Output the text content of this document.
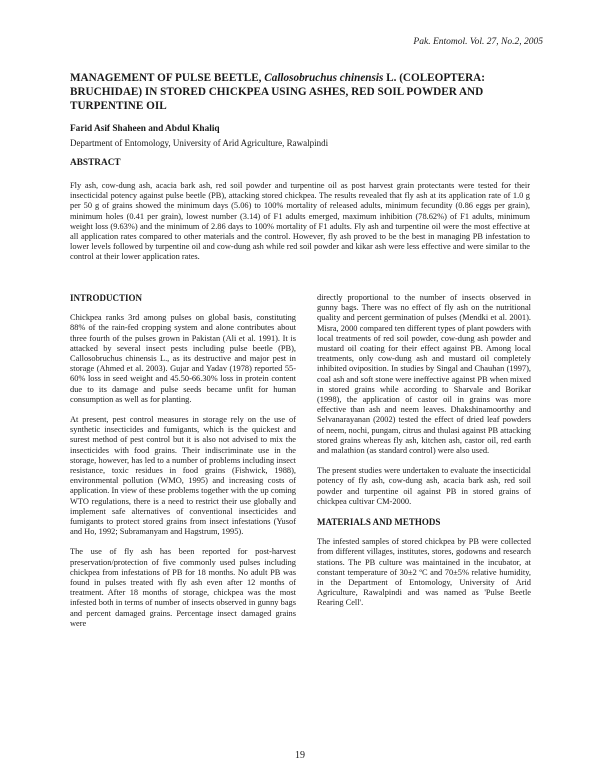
Pak. Entomol. Vol. 27, No.2, 2005
MANAGEMENT OF PULSE BEETLE, Callosobruchus chinensis L. (COLEOPTERA: BRUCHIDAE) IN STORED CHICKPEA USING ASHES, RED SOIL POWDER AND TURPENTINE OIL
Farid Asif Shaheen and Abdul Khaliq
Department of Entomology, University of Arid Agriculture, Rawalpindi
ABSTRACT

Fly ash, cow-dung ash, acacia bark ash, red soil powder and turpentine oil as post harvest grain protectants were tested for their insecticidal potency against pulse beetle (PB), attacking stored chickpea. The results revealed that fly ash at its application rate of 1.0 g per 50 g of grains showed the minimum days (5.06) to 100% mortality of released adults, minimum fecundity (0.86 eggs per grain), minimum holes (0.41 per grain), lowest number (3.14) of F1 adults emerged, maximum inhibition (78.62%) of F1 adults, minimum weight loss (9.63%) and the minimum of 2.86 days to 100% mortality of F1 adults. Fly ash and turpentine oil were the most effective at all application rates compared to other materials and the control. However, fly ash proved to be the best in managing PB infestation to lower levels followed by turpentine oil and cow-dung ash while red soil powder and kikar ash were less effective and were similar to the control at their lower application rates.

INTRODUCTION

Chickpea ranks 3rd among pulses on global basis, constituting 88% of the rain-fed cropping system and alone contributes about three fourth of the pulses grown in Pakistan (Ali et al. 1991). It is attacked by several insect pests including pulse beetle (PB), Callosobruchus chinensis L., as its destructive and major pest in storage (Ahmed et al. 2003). Gujar and Yadav (1978) reported 55-60% loss in seed weight and 45.50-66.30% loss in protein content due to its damage and pulse seeds became unfit for human consumption as well as for planting.

At present, pest control measures in storage rely on the use of synthetic insecticides and fumigants, which is the quickest and surest method of pest control but it is also not advised to mix the insecticides with food grains. Their indiscriminate use in the storage, however, has led to a number of problems including insect resistance, toxic residues in food grains (Fishwick, 1988), environmental pollution (WMO, 1995) and increasing costs of application. In view of these problems together with the up coming WTO regulations, there is a need to restrict their use globally and implement safe alternatives of conventional insecticides and fumigants to protect stored grains from insect infestations (Yusof and Ho, 1992; Subramanyam and Hagstrum, 1995).

The use of fly ash has been reported for post-harvest preservation/protection of five commonly used pulses including chickpea from infestations of PB for 18 months. No adult PB was found in pulses treated with fly ash even after 12 months of treatment. After 18 months of storage, chickpea was the most infested both in terms of number of insects observed in gunny bags and percent damaged grains. Percentage insect damaged grains were

directly proportional to the number of insects observed in gunny bags. There was no effect of fly ash on the nutritional quality and percent germination of pulses (Mendki et al. 2001). Misra, 2000 compared ten different types of plant powders with local treatments of red soil powder, cow-dung ash powder and mustard oil coating for their effect against PB. Among local treatments, only cow-dung ash and mustard oil completely inhibited oviposition. In studies by Singal and Chauhan (1997), coal ash and soft stone were ineffective against PB when mixed in stored grains while according to Sharvale and Borikar (1998), the application of castor oil in grains was more effective than ash and neem leaves. Dhakshinamoorthy and Selvanarayanan (2002) tested the effect of dried leaf powders of neem, nochi, pungam, citrus and thulasi against PB attacking stored grains whereas fly ash, kitchen ash, castor oil, red earth and malathion (as standard control) were also used.

The present studies were undertaken to evaluate the insecticidal potency of fly ash, cow-dung ash, acacia bark ash, red soil powder and turpentine oil against PB in stored grains of chickpea cultivar CM-2000.

MATERIALS AND METHODS

The infested samples of stored chickpea by PB were collected from different villages, institutes, stores, godowns and research stations. The PB culture was maintained in the incubator, at constant temperature of 30±2 ºC and 70±5% relative humidity, in the Department of Entomology, University of Arid Agriculture, Rawalpindi and was named as 'Pulse Beetle Rearing Cell'.

19
